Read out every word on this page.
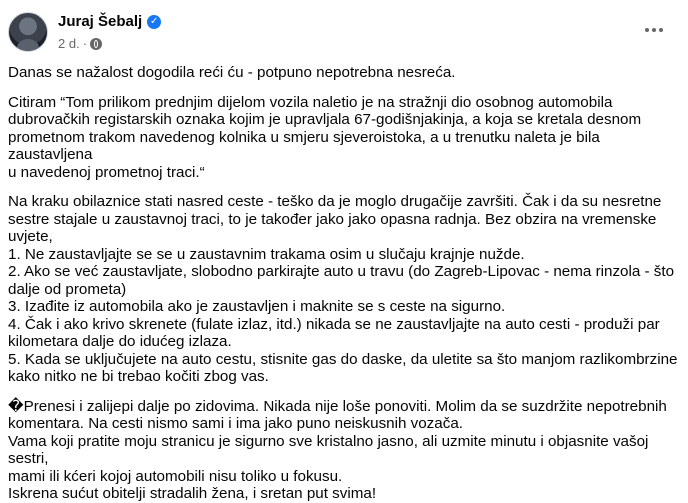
Juraj Šebalj ✓
2 d. ·

Danas se nažalost dogodila reći ću - potpuno nepotrebna nesreća.

Citiram “Tom prilikom prednjim dijelom vozila naletio je na stražnji dio osobnog automobila

dubrovačkih registarskih oznaka kojim je upravljala 67-godišnjakinja, a koja se kretala desnom

prometnom trakom navedenog kolnika u smjeru sjeveroistoka, a u trenutku naleta je bila zaustavljena

u navedenoj prometnoj traci.“

Na kraku obilaznice stati nasred ceste - teško da je moglo drugačije završiti. Čak i da su nesretne

sestre stajale u zaustavnoj traci, to je također jako jako opasna radnja. Bez obzira na vremenske uvjete,

1. Ne zaustavljajte se se u zaustavnim trakama osim u slučaju krajnje nužde.

2. Ako se već zaustavljate, slobodno parkirajte auto u travu (do Zagreb-Lipovac - nema rinzola - što

dalje od prometa)

3. Izađite iz automobila ako je zaustavljen i maknite se s ceste na sigurno.

4. Čak i ako krivo skrenete (fulate izlaz, itd.) nikada se ne zaustavljajte na auto cesti - produži par

kilometara dalje do idućeg izlaza.

5. Kada se uključujete na auto cestu, stisnite gas do daske, da uletite sa što manjom razlikombrzine

kako nitko ne bi trebao kočiti zbog vas.

�Prenesi i zalijepi dalje po zidovima. Nikada nije loše ponoviti. Molim da se suzdržite nepotrebnih

komentara. Na cesti nismo sami i ima jako puno neiskusnih vozača.

Vama koji pratite moju stranicu je sigurno sve kristalno jasno, ali uzmite minutu i objasnite vašoj sestri,

mami ili kćeri kojoj automobili nisu toliko u fokusu.

Iskrena sućut obitelji stradalih žena, i sretan put svima!
